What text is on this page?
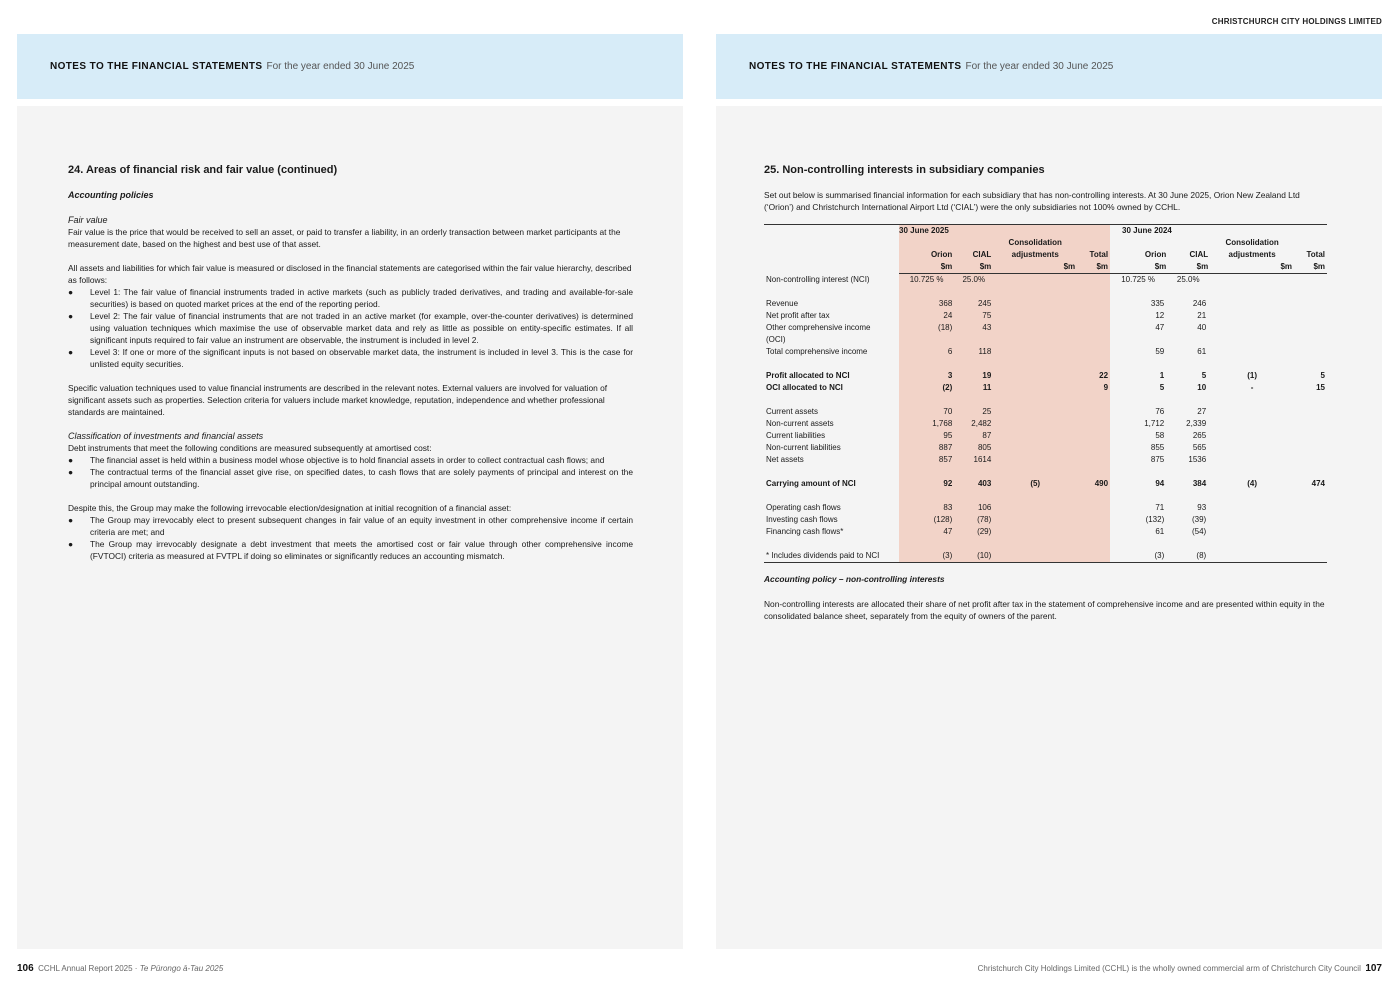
CHRISTCHURCH CITY HOLDINGS LIMITED
NOTES TO THE FINANCIAL STATEMENTS For the year ended 30 June 2025
24. Areas of financial risk and fair value (continued)
Accounting policies
Fair value

Fair value is the price that would be received to sell an asset, or paid to transfer a liability, in an orderly transaction between market participants at the measurement date, based on the highest and best use of that asset.

All assets and liabilities for which fair value is measured or disclosed in the financial statements are categorised within the fair value hierarchy, described as follows:

● Level 1: The fair value of financial instruments traded in active markets (such as publicly traded derivatives, and trading and available-for-sale securities) is based on quoted market prices at the end of the reporting period.
● Level 2: The fair value of financial instruments that are not traded in an active market (for example, over-the-counter derivatives) is determined using valuation techniques which maximise the use of observable market data and rely as little as possible on entity-specific estimates. If all significant inputs required to fair value an instrument are observable, the instrument is included in level 2.
● Level 3: If one or more of the significant inputs is not based on observable market data, the instrument is included in level 3. This is the case for unlisted equity securities.

Specific valuation techniques used to value financial instruments are described in the relevant notes. External valuers are involved for valuation of significant assets such as properties. Selection criteria for valuers include market knowledge, reputation, independence and whether professional standards are maintained.

Classification of investments and financial assets

Debt instruments that meet the following conditions are measured subsequently at amortised cost:

● The financial asset is held within a business model whose objective is to hold financial assets in order to collect contractual cash flows; and
● The contractual terms of the financial asset give rise, on specified dates, to cash flows that are solely payments of principal and interest on the principal amount outstanding.

Despite this, the Group may make the following irrevocable election/designation at initial recognition of a financial asset:

● The Group may irrevocably elect to present subsequent changes in fair value of an equity investment in other comprehensive income if certain criteria are met; and
● The Group may irrevocably designate a debt investment that meets the amortised cost or fair value through other comprehensive income (FVTOCI) criteria as measured at FVTPL if doing so eliminates or significantly reduces an accounting mismatch.
NOTES TO THE FINANCIAL STATEMENTS For the year ended 30 June 2025
25. Non-controlling interests in subsidiary companies

Set out below is summarised financial information for each subsidiary that has non-controlling interests. At 30 June 2025, Orion New Zealand Ltd (‘Orion’) and Christchurch International Airport Ltd (‘CIAL’) were the only subsidiaries not 100% owned by CCHL.

	30 June 2025				30 June 2024			
			Consolidation				Consolidation	
	Orion	CIAL	adjustments	Total	Orion	CIAL	adjustments	Total
	$m	$m	$m	$m	$m	$m	$m	$m
Non-controlling interest (NCI)	10.725 %	25.0%			10.725 %	25.0%		

Revenue	368	245			335	246		
Net profit after tax	24	75			12	21		
Other comprehensive income	(18)	43			47	40		
(OCI)								
Total comprehensive income	6	118			59	61		

Profit allocated to NCI	3	19		22	1	5	(1)	5
OCI allocated to NCI	(2)	11		9	5	10	-	15

Current assets	70	25			76	27		
Non-current assets	1,768	2,482			1,712	2,339		
Current liabilities	95	87			58	265		
Non-current liabilities	887	805			855	565		
Net assets	857	1614			875	1536		

Carrying amount of NCI	92	403	(5)	490	94	384	(4)	474

Operating cash flows	83	106			71	93		
Investing cash flows	(128)	(78)			(132)	(39)		
Financing cash flows*	47	(29)			61	(54)		

* Includes dividends paid to NCI	(3)	(10)			(3)	(8)		
Accounting policy – non-controlling interests

Non-controlling interests are allocated their share of net profit after tax in the statement of comprehensive income and are presented within equity in the consolidated balance sheet, separately from the equity of owners of the parent.

106 CCHL Annual Report 2025 · Te Pūrongo ā-Tau 2025	Christchurch City Holdings Limited (CCHL) is the wholly owned commercial arm of Christchurch City Council 107
